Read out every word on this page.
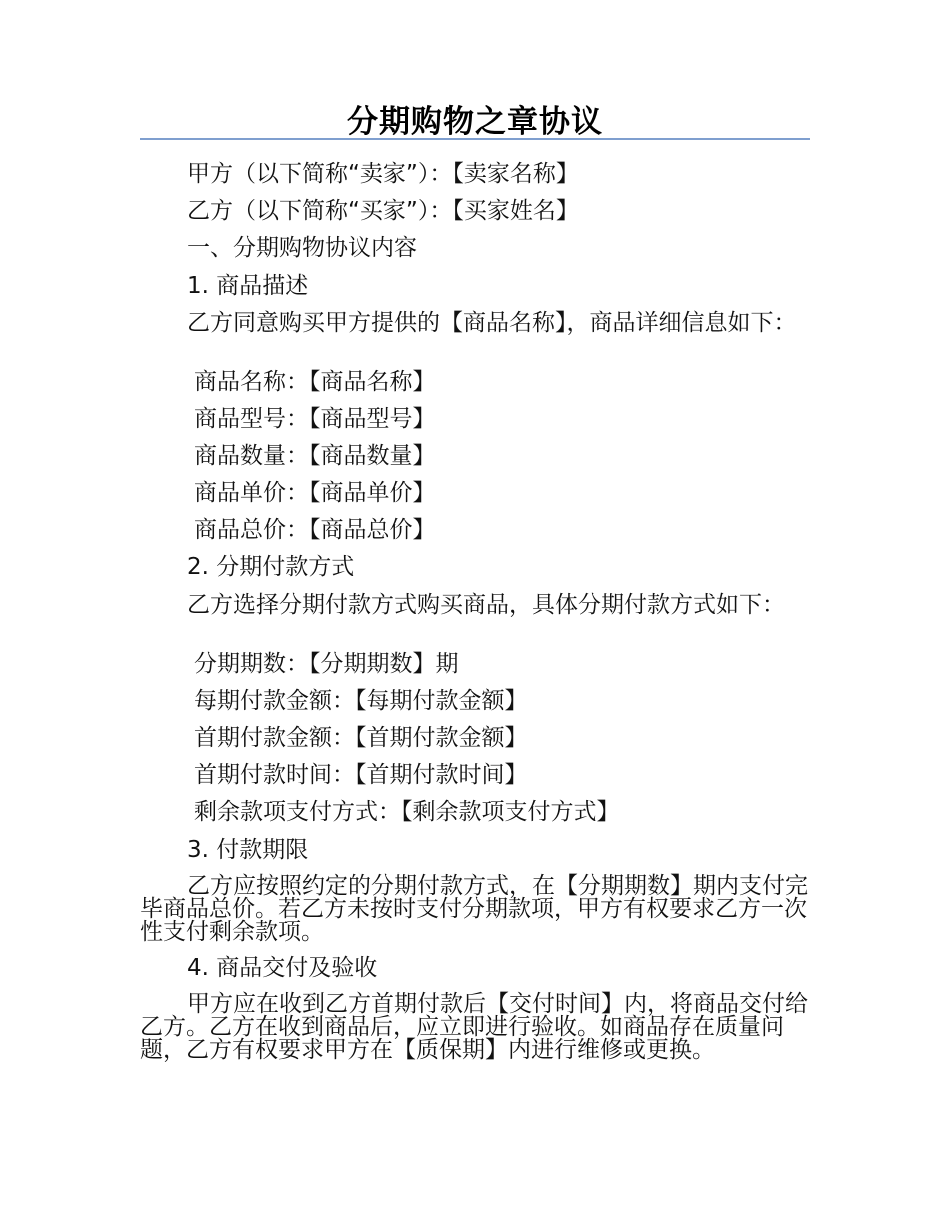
分期购物之章协议
甲方（以下简称“卖家”）：【卖家名称】
乙方（以下简称“买家”）：【买家姓名】
一、分期购物协议内容
1. 商品描述
乙方同意购买甲方提供的【商品名称】，商品详细信息如下：
商品名称：【商品名称】
商品型号：【商品型号】
商品数量：【商品数量】
商品单价：【商品单价】
商品总价：【商品总价】
2. 分期付款方式
乙方选择分期付款方式购买商品，具体分期付款方式如下：
分期期数：【分期期数】期
每期付款金额：【每期付款金额】
首期付款金额：【首期付款金额】
首期付款时间：【首期付款时间】
剩余款项支付方式：【剩余款项支付方式】
3. 付款期限
乙方应按照约定的分期付款方式，在【分期期数】期内支付完毕商品总价。若乙方未按时支付分期款项，甲方有权要求乙方一次性支付剩余款项。
4. 商品交付及验收
甲方应在收到乙方首期付款后【交付时间】内，将商品交付给乙方。乙方在收到商品后，应立即进行验收。如商品存在质量问题，乙方有权要求甲方在【质保期】内进行维修或更换。
